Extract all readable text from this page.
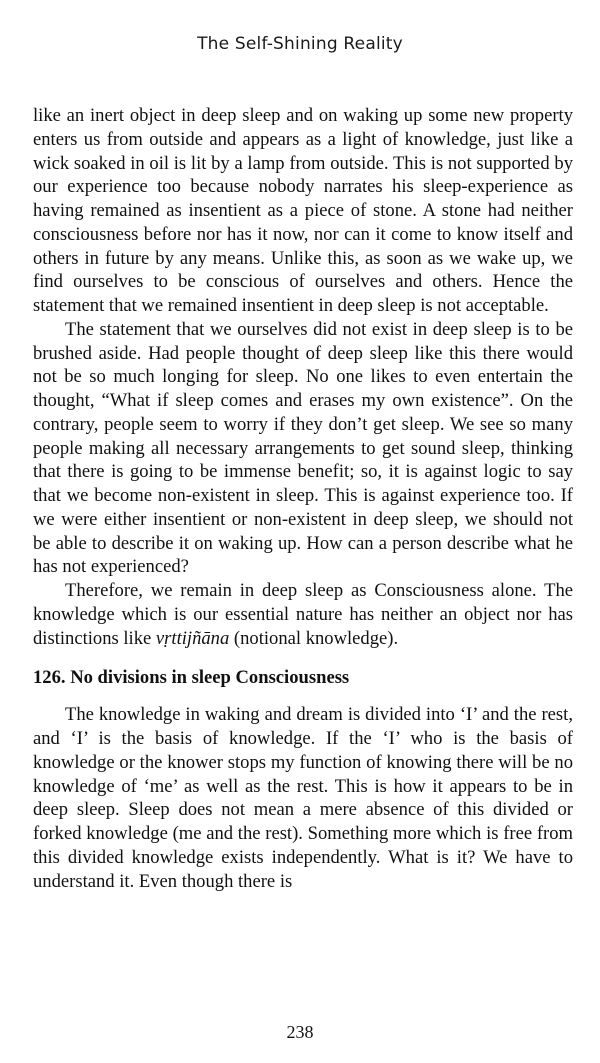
The Self-Shining Reality

like an inert object in deep sleep and on waking up some new property enters us from outside and appears as a light of knowledge, just like a wick soaked in oil is lit by a lamp from outside. This is not supported by our experience too because nobody narrates his sleep-experience as having remained as insentient as a piece of stone. A stone had neither consciousness before nor has it now, nor can it come to know itself and others in future by any means. Unlike this, as soon as we wake up, we find ourselves to be conscious of ourselves and others. Hence the statement that we remained insentient in deep sleep is not acceptable.

The statement that we ourselves did not exist in deep sleep is to be brushed aside. Had people thought of deep sleep like this there would not be so much longing for sleep. No one likes to even entertain the thought, “What if sleep comes and erases my own existence”. On the contrary, people seem to worry if they don’t get sleep. We see so many people making all necessary arrangements to get sound sleep, thinking that there is going to be immense benefit; so, it is against logic to say that we become non-existent in sleep. This is against experience too. If we were either insentient or non-existent in deep sleep, we should not be able to describe it on waking up. How can a person describe what he has not experienced?

Therefore, we remain in deep sleep as Consciousness alone. The knowledge which is our essential nature has neither an object nor has distinctions like vṛttijñāna (notional knowledge).

126. No divisions in sleep Consciousness

The knowledge in waking and dream is divided into ‘I’ and the rest, and ‘I’ is the basis of knowledge. If the ‘I’ who is the basis of knowledge or the knower stops my function of knowing there will be no knowledge of ‘me’ as well as the rest. This is how it appears to be in deep sleep. Sleep does not mean a mere absence of this divided or forked knowledge (me and the rest). Something more which is free from this divided knowledge exists independently. What is it? We have to understand it. Even though there is

238
